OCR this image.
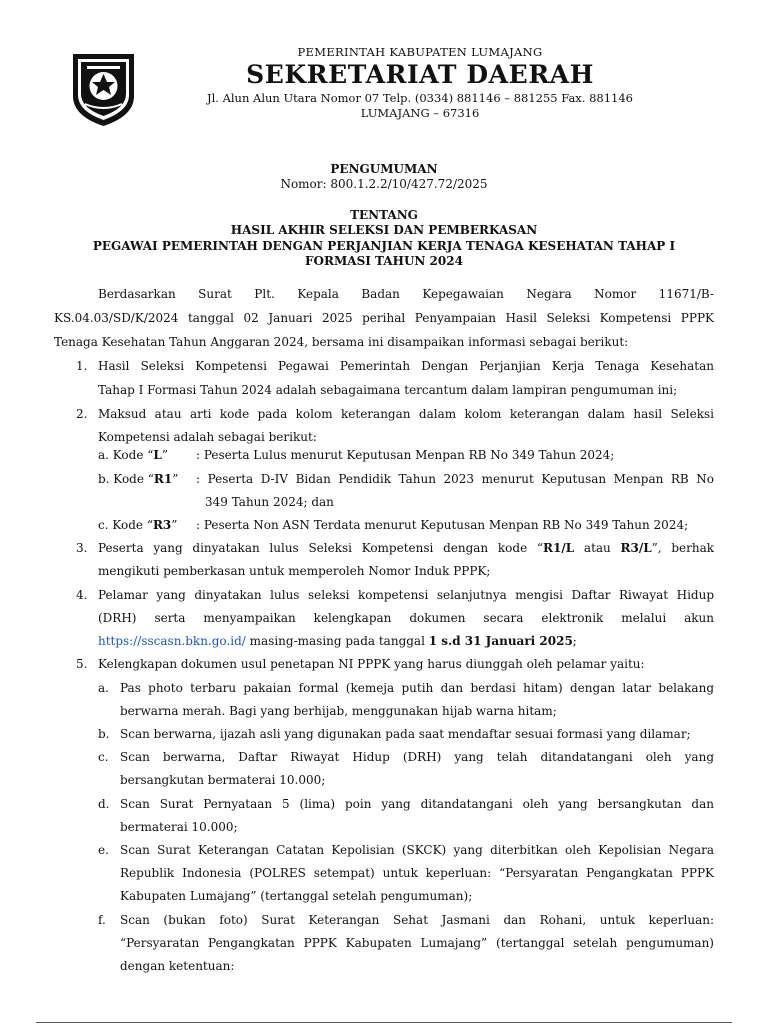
PEMERINTAH KABUPATEN LUMAJANG

SEKRETARIAT DAERAH

Jl. Alun Alun Utara Nomor 07 Telp. (0334) 881146 – 881255 Fax. 881146

LUMAJANG – 67316

PENGUMUMAN

Nomor: 800.1.2.2/10/427.72/2025

TENTANG

HASIL AKHIR SELEKSI DAN PEMBERKASAN

PEGAWAI PEMERINTAH DENGAN PERJANJIAN KERJA TENAGA KESEHATAN TAHAP I

FORMASI TAHUN 2024

Berdasarkan Surat Plt. Kepala Badan Kepegawaian Negara Nomor 11671/B-

KS.04.03/SD/K/2024 tanggal 02 Januari 2025 perihal Penyampaian Hasil Seleksi Kompetensi PPPK

Tenaga Kesehatan Tahun Anggaran 2024, bersama ini disampaikan informasi sebagai berikut:

1. Hasil Seleksi Kompetensi Pegawai Pemerintah Dengan Perjanjian Kerja Tenaga Kesehatan

Tahap I Formasi Tahun 2024 adalah sebagaimana tercantum dalam lampiran pengumuman ini;

2. Maksud atau arti kode pada kolom keterangan dalam kolom keterangan dalam hasil Seleksi

Kompetensi adalah sebagai berikut:

a. Kode “L” : Peserta Lulus menurut Keputusan Menpan RB No 349 Tahun 2024;

b. Kode “R1” : Peserta D-IV Bidan Pendidik Tahun 2023 menurut Keputusan Menpan RB No

349 Tahun 2024; dan

c. Kode “R3” : Peserta Non ASN Terdata menurut Keputusan Menpan RB No 349 Tahun 2024;

3. Peserta yang dinyatakan lulus Seleksi Kompetensi dengan kode “R1/L atau R3/L”, berhak

mengikuti pemberkasan untuk memperoleh Nomor Induk PPPK;

4. Pelamar yang dinyatakan lulus seleksi kompetensi selanjutnya mengisi Daftar Riwayat Hidup

(DRH) serta menyampaikan kelengkapan dokumen secara elektronik melalui akun

https://sscasn.bkn.go.id/ masing-masing pada tanggal 1 s.d 31 Januari 2025;

5. Kelengkapan dokumen usul penetapan NI PPPK yang harus diunggah oleh pelamar yaitu:

a. Pas photo terbaru pakaian formal (kemeja putih dan berdasi hitam) dengan latar belakang

berwarna merah. Bagi yang berhijab, menggunakan hijab warna hitam;

b. Scan berwarna, ijazah asli yang digunakan pada saat mendaftar sesuai formasi yang dilamar;

c. Scan berwarna, Daftar Riwayat Hidup (DRH) yang telah ditandatangani oleh yang

bersangkutan bermaterai 10.000;

d. Scan Surat Pernyataan 5 (lima) poin yang ditandatangani oleh yang bersangkutan dan

bermaterai 10.000;

e. Scan Surat Keterangan Catatan Kepolisian (SKCK) yang diterbitkan oleh Kepolisian Negara

Republik Indonesia (POLRES setempat) untuk keperluan: “Persyaratan Pengangkatan PPPK

Kabupaten Lumajang” (tertanggal setelah pengumuman);

f. Scan (bukan foto) Surat Keterangan Sehat Jasmani dan Rohani, untuk keperluan:

“Persyaratan Pengangkatan PPPK Kabupaten Lumajang” (tertanggal setelah pengumuman)

dengan ketentuan:
